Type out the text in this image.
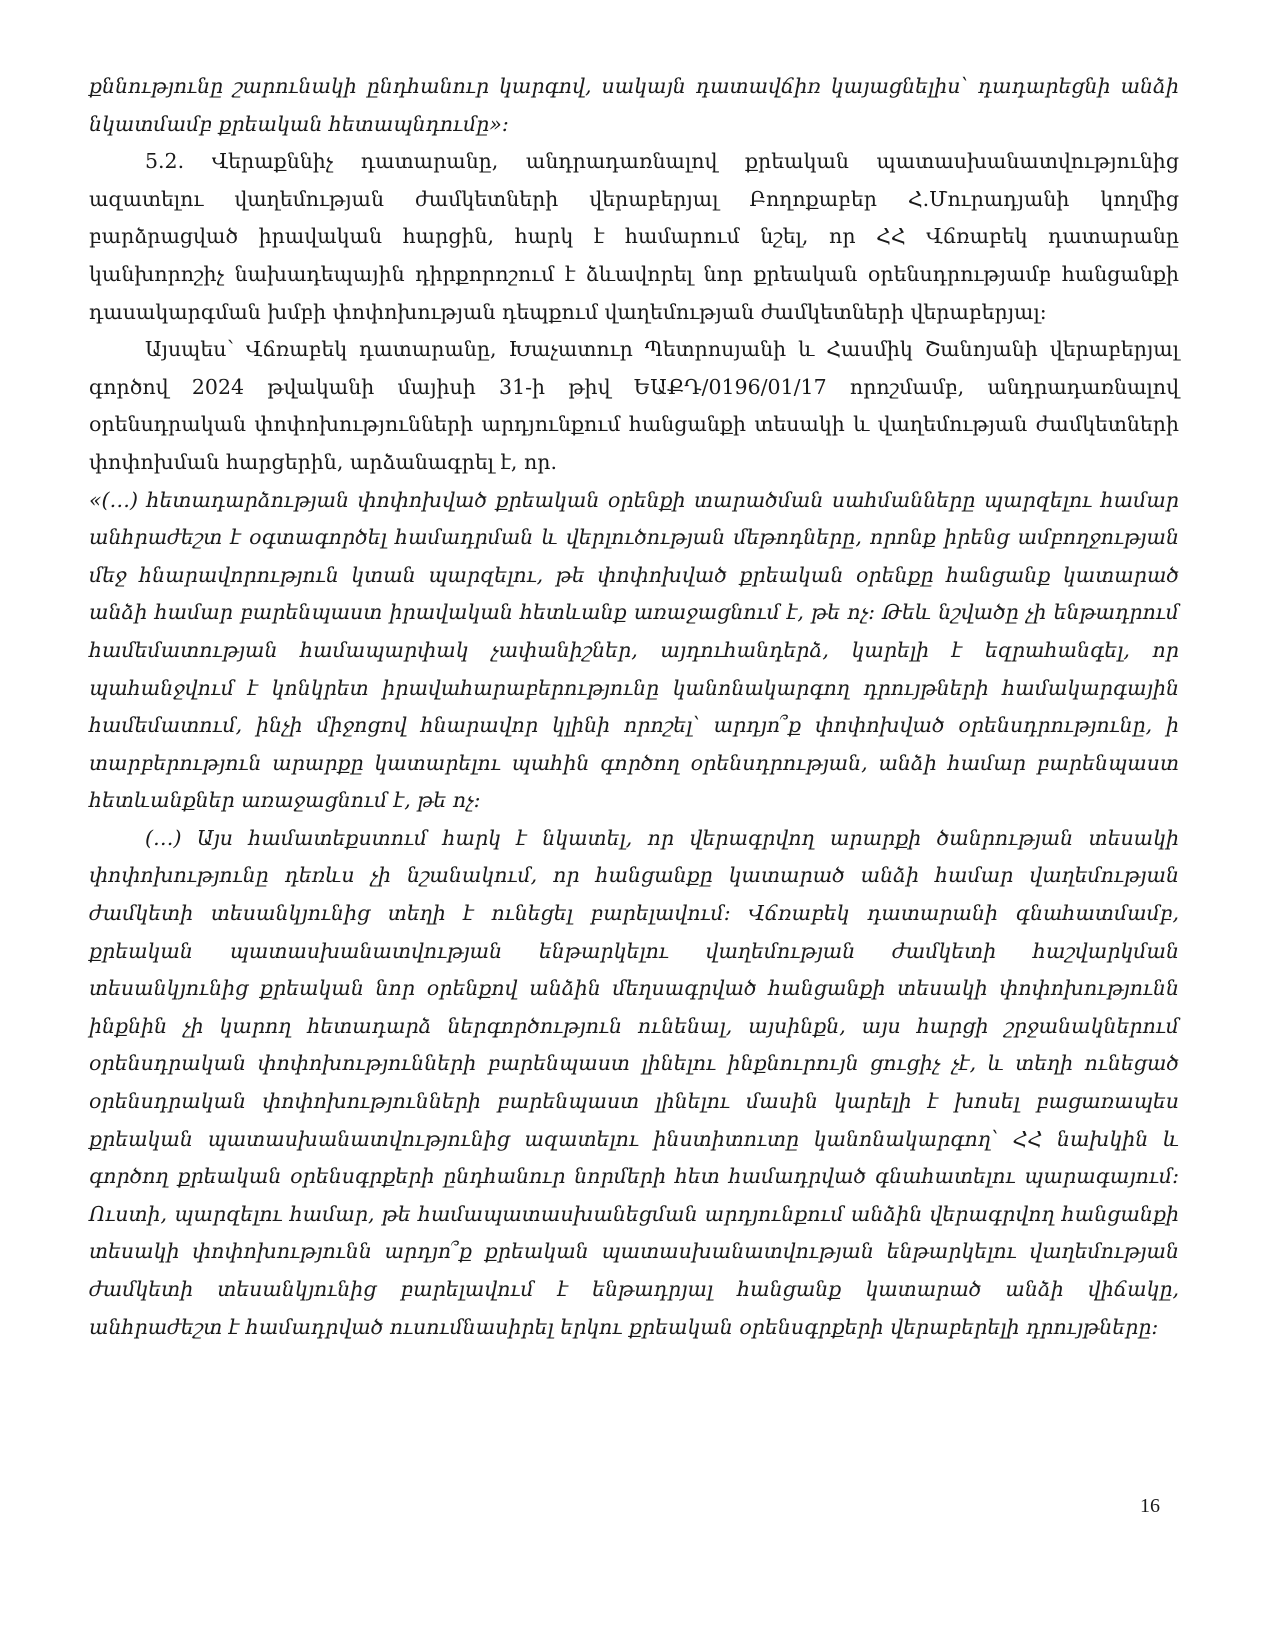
քննությունը շարունակի ընդհանուր կարգով, սակայն դատավճիռ կայացնելիս՝ դադարեցնի անձի նկատմամբ քրեական հետապնդումը»:

5.2. Վերաքննիչ դատարանը, անդրադառնալով քրեական պատասխանատվությունից ազատելու վաղեմության ժամկետների վերաբերյալ Բողոքաբեր Հ.Մուրադյանի կողմից բարձրացված իրավական հարցին, հարկ է համարում նշել, որ ՀՀ Վճռաբեկ դատարանը կանխորոշիչ նախադեպային դիրքորոշում է ձևավորել նոր քրեական օրենսդրությամբ հանցանքի դասակարգման խմբի փոփոխության դեպքում վաղեմության ժամկետների վերաբերյալ:

Այսպես՝ Վճռաբեկ դատարանը, Խաչատուր Պետրոսյանի և Հասմիկ Շանոյանի վերաբերյալ գործով 2024 թվականի մայիսի 31-ի թիվ ԵԱՔԴ/0196/01/17 որոշմամբ, անդրադառնալով օրենսդրական փոփոխությունների արդյունքում հանցանքի տեսակի և վաղեմության ժամկետների փոփոխման հարցերին, արձանագրել է, որ.

«(…) հետադարձության փոփոխված քրեական օրենքի տարածման սահմանները պարզելու համար անհրաժեշտ է օգտագործել համադրման և վերլուծության մեթոդները, որոնք իրենց ամբողջության մեջ հնարավորություն կտան պարզելու, թե փոփոխված քրեական օրենքը հանցանք կատարած անձի համար բարենպաստ իրավական հետևանք առաջացնում է, թե ոչ: Թեև նշվածը չի ենթադրում համեմատության համապարփակ չափանիշներ, այդուհանդերձ, կարելի է եզրահանգել, որ պահանջվում է կոնկրետ իրավահարաբերությունը կանոնակարգող դրույթների համակարգային համեմատում, ինչի միջոցով հնարավոր կլինի որոշել՝ արդյո՞ք փոփոխված օրենսդրությունը, ի տարբերություն արարքը կատարելու պահին գործող օրենսդրության, անձի համար բարենպաստ հետևանքներ առաջացնում է, թե ոչ:

(…) Այս համատեքստում հարկ է նկատել, որ վերագրվող արարքի ծանրության տեսակի փոփոխությունը դեռևս չի նշանակում, որ հանցանքը կատարած անձի համար վաղեմության ժամկետի տեսանկյունից տեղի է ունեցել բարելավում: Վճռաբեկ դատարանի գնահատմամբ, քրեական պատասխանատվության ենթարկելու վաղեմության ժամկետի հաշվարկման տեսանկյունից քրեական նոր օրենքով անձին մեղսագրված հանցանքի տեսակի փոփոխությունն ինքնին չի կարող հետադարձ ներգործություն ունենալ, այսինքն, այս հարցի շրջանակներում օրենսդրական փոփոխությունների բարենպաստ լինելու ինքնուրույն ցուցիչ չէ, և տեղի ունեցած օրենսդրական փոփոխությունների բարենպաստ լինելու մասին կարելի է խոսել բացառապես քրեական պատասխանատվությունից ազատելու ինստիտուտը կանոնակարգող՝ ՀՀ նախկին և գործող քրեական օրենսգրքերի ընդհանուր նորմերի հետ համադրված գնահատելու պարագայում: Ուստի, պարզելու համար, թե համապատասխանեցման արդյունքում անձին վերագրվող հանցանքի տեսակի փոփոխությունն արդյո՞ք քրեական պատասխանատվության ենթարկելու վաղեմության ժամկետի տեսանկյունից բարելավում է ենթադրյալ հանցանք կատարած անձի վիճակը, անհրաժեշտ է համադրված ուսումնասիրել երկու քրեական օրենսգրքերի վերաբերելի դրույթները:

16
